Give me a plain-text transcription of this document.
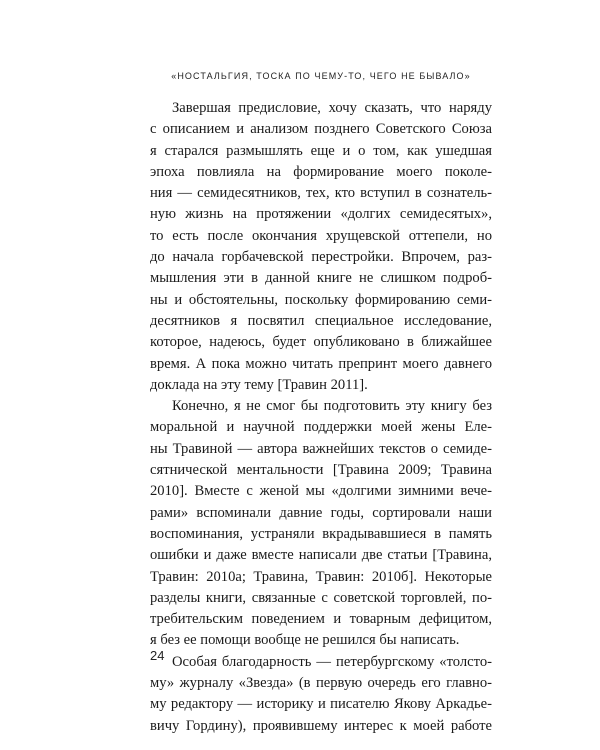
«НОСТАЛЬГИЯ, ТОСКА ПО ЧЕМУ-ТО, ЧЕГО НЕ БЫВАЛО»
Завершая предисловие, хочу сказать, что наряду
с описанием и анализом позднего Советского Союза
я старался размышлять еще и о том, как ушедшая
эпоха повлияла на формирование моего поколе-
ния — семидесятников, тех, кто вступил в сознатель-
ную жизнь на протяжении «долгих семидесятых»,
то есть после окончания хрущевской оттепели, но
до начала горбачевской перестройки. Впрочем, раз-
мышления эти в данной книге не слишком подроб-
ны и обстоятельны, поскольку формированию семи-
десятников я посвятил специальное исследование,
которое, надеюсь, будет опубликовано в ближайшее
время. А пока можно читать препринт моего давнего
доклада на эту тему [Травин 2011].
Конечно, я не смог бы подготовить эту книгу без
моральной и научной поддержки моей жены Еле-
ны Травиной — автора важнейших текстов о семиде-
сятнической ментальности [Травина 2009; Травина
2010]. Вместе с женой мы «долгими зимними вече-
рами» вспоминали давние годы, сортировали наши
воспоминания, устраняли вкрадывавшиеся в память
ошибки и даже вместе написали две статьи [Травина,
Травин: 2010a; Травина, Травин: 2010б]. Некоторые
разделы книги, связанные с советской торговлей, по-
требительским поведением и товарным дефицитом,
я без ее помощи вообще не решился бы написать.
Особая благодарность — петербургскому «толсто-
му» журналу «Звезда» (в первую очередь его главно-
му редактору — историку и писателю Якову Аркадье-
вичу Гордину), проявившему интерес к моей работе
24
